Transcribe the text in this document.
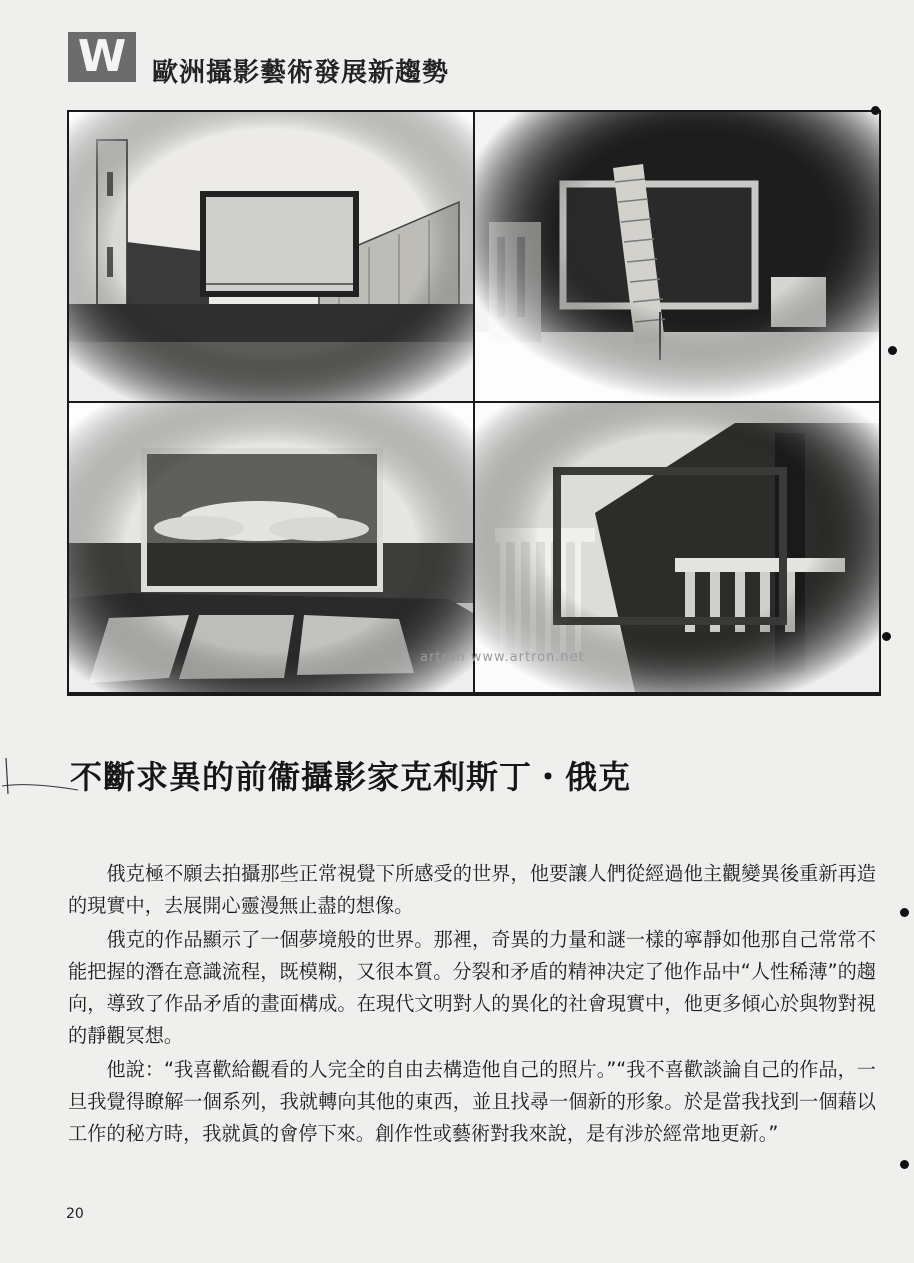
W 歐洲攝影藝術發展新趨勢
artron www.artron.net
不斷求異的前衞攝影家克利斯丁・俄克

俄克極不願去拍攝那些正常視覺下所感受的世界，他要讓人們從經過他主觀變異後重新再造的現實中，去展開心靈漫無止盡的想像。

俄克的作品顯示了一個夢境般的世界。那裡，奇異的力量和謎一樣的寧靜如他那自己常常不能把握的潛在意識流程，既模糊，又很本質。分裂和矛盾的精神决定了他作品中“人性稀薄”的趨向，導致了作品矛盾的畫面構成。在現代文明對人的異化的社會現實中，他更多傾心於與物對視的靜觀冥想。

他說：“我喜歡給觀看的人完全的自由去構造他自己的照片。”“我不喜歡談論自己的作品，一旦我覺得瞭解一個系列，我就轉向其他的東西，並且找尋一個新的形象。於是當我找到一個藉以工作的秘方時，我就眞的會停下來。創作性或藝術對我來說，是有涉於經常地更新。”

20
